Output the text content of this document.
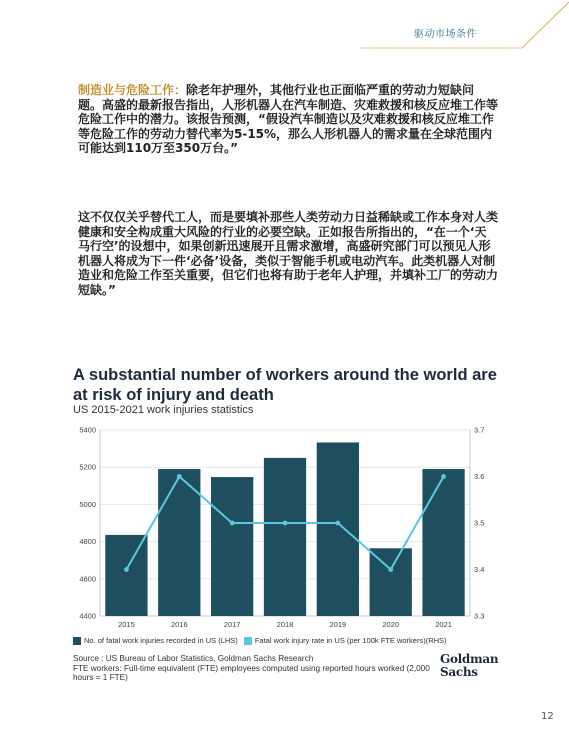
驱动市场条件
制造业与危险工作：除老年护理外，其他行业也正面临严重的劳动力短缺问题。高盛的最新报告指出，人形机器人在汽车制造、灾难救援和核反应堆工作等危险工作中的潜力。该报告预测，“假设汽车制造以及灾难救援和核反应堆工作等危险工作的劳动力替代率为5-15%，那么人形机器人的需求量在全球范围内可能达到110万至350万台。”
这不仅仅关乎替代工人，而是要填补那些人类劳动力日益稀缺或工作本身对人类健康和安全构成重大风险的行业的必要空缺。正如报告所指出的，“在一个‘天马行空’的设想中，如果创新迅速展开且需求激增，高盛研究部门可以预见人形机器人将成为下一件‘必备’设备，类似于智能手机或电动汽车。此类机器人对制造业和危险工作至关重要，但它们也将有助于老年人护理，并填补工厂的劳动力短缺。”
A substantial number of workers around the world are at risk of injury and death
US 2015-2021 work injuries statistics
4400
4600
4800
5000
5200
5400
3.3
3.4
3.5
3.6
3.7
2015	2016	2017	2018	2019	2020	2021
No. of fatal work injuries recorded in US (LHS) Fatal work injury rate in US (per 100k FTE workers)(RHS)
Source : US Bureau of Labor Statistics, Goldman Sachs Research
FTE workers: Full-time equivalent (FTE) employees computed using reported hours worked (2,000 hours = 1 FTE)
Goldman
Sachs
12
